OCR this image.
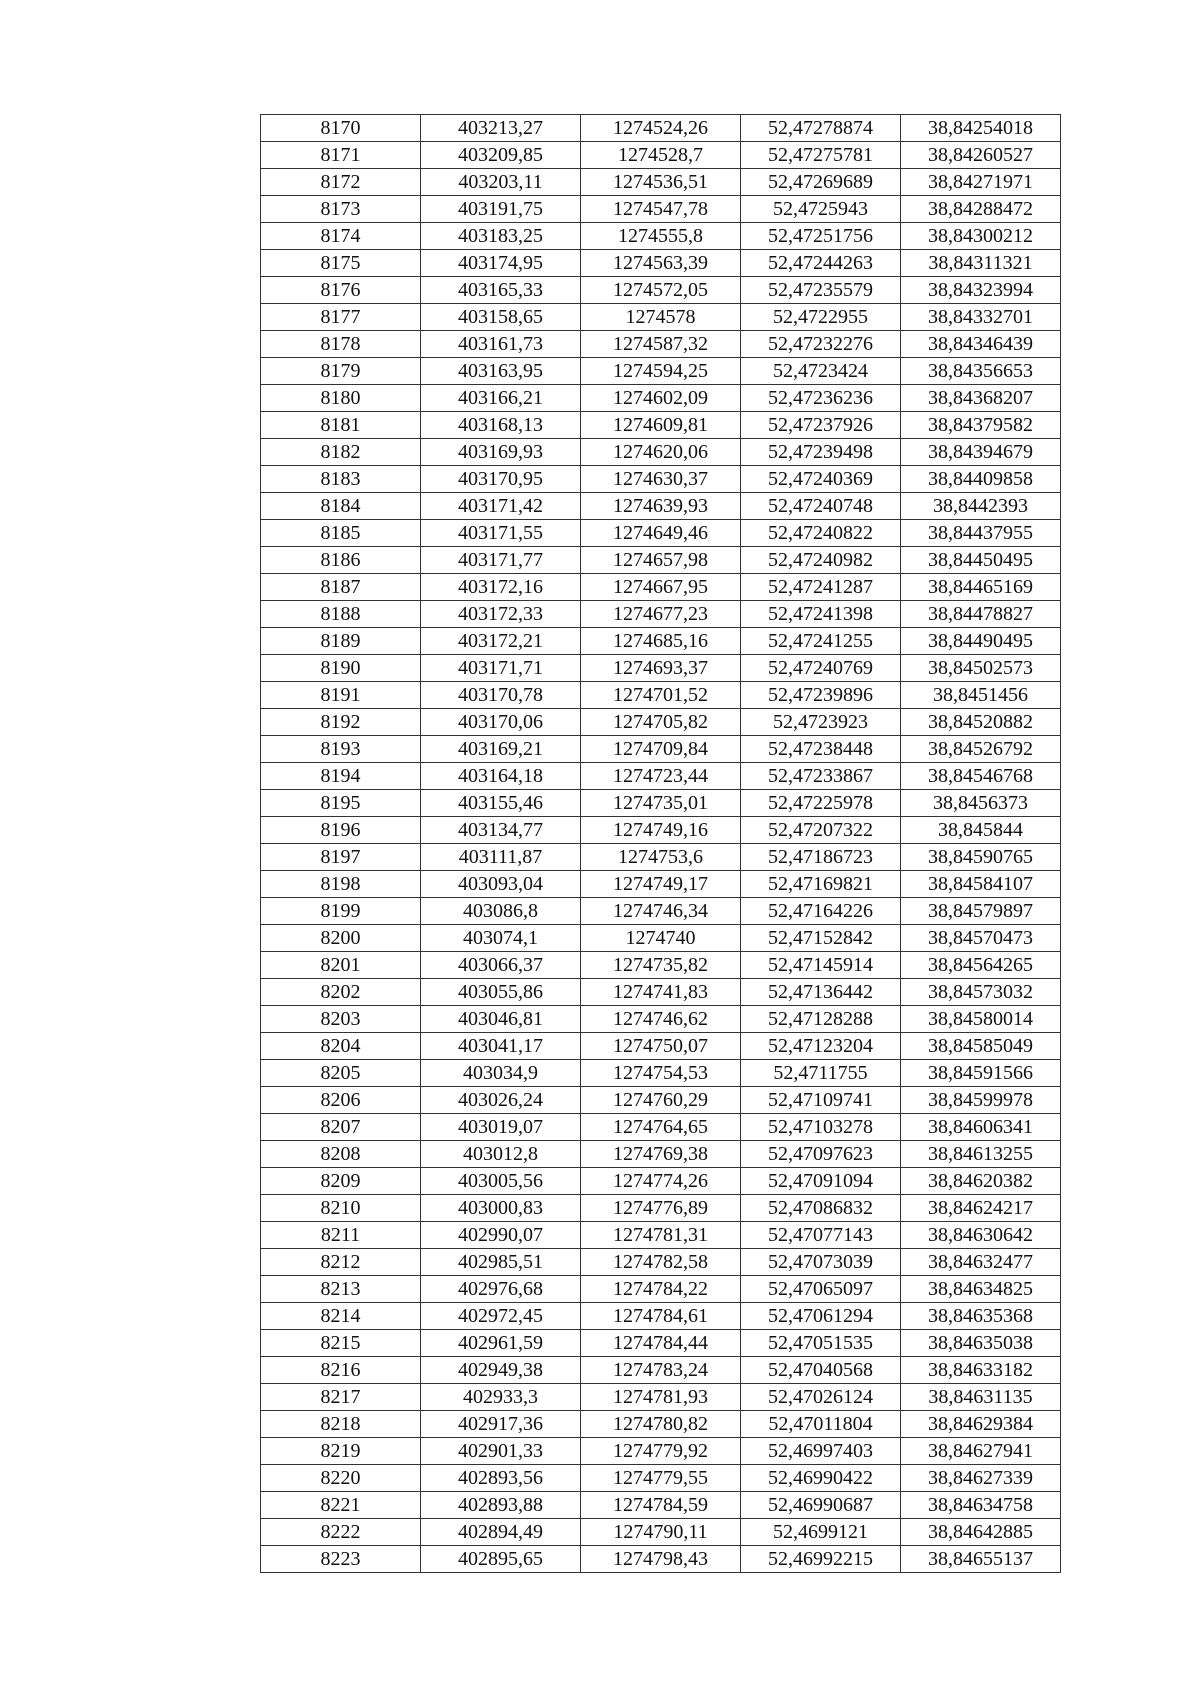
8170	403213,27	1274524,26	52,47278874	38,84254018
8171	403209,85	1274528,7	52,47275781	38,84260527
8172	403203,11	1274536,51	52,47269689	38,84271971
8173	403191,75	1274547,78	52,4725943	38,84288472
8174	403183,25	1274555,8	52,47251756	38,84300212
8175	403174,95	1274563,39	52,47244263	38,84311321
8176	403165,33	1274572,05	52,47235579	38,84323994
8177	403158,65	1274578	52,4722955	38,84332701
8178	403161,73	1274587,32	52,47232276	38,84346439
8179	403163,95	1274594,25	52,4723424	38,84356653
8180	403166,21	1274602,09	52,47236236	38,84368207
8181	403168,13	1274609,81	52,47237926	38,84379582
8182	403169,93	1274620,06	52,47239498	38,84394679
8183	403170,95	1274630,37	52,47240369	38,84409858
8184	403171,42	1274639,93	52,47240748	38,8442393
8185	403171,55	1274649,46	52,47240822	38,84437955
8186	403171,77	1274657,98	52,47240982	38,84450495
8187	403172,16	1274667,95	52,47241287	38,84465169
8188	403172,33	1274677,23	52,47241398	38,84478827
8189	403172,21	1274685,16	52,47241255	38,84490495
8190	403171,71	1274693,37	52,47240769	38,84502573
8191	403170,78	1274701,52	52,47239896	38,8451456
8192	403170,06	1274705,82	52,4723923	38,84520882
8193	403169,21	1274709,84	52,47238448	38,84526792
8194	403164,18	1274723,44	52,47233867	38,84546768
8195	403155,46	1274735,01	52,47225978	38,8456373
8196	403134,77	1274749,16	52,47207322	38,845844
8197	403111,87	1274753,6	52,47186723	38,84590765
8198	403093,04	1274749,17	52,47169821	38,84584107
8199	403086,8	1274746,34	52,47164226	38,84579897
8200	403074,1	1274740	52,47152842	38,84570473
8201	403066,37	1274735,82	52,47145914	38,84564265
8202	403055,86	1274741,83	52,47136442	38,84573032
8203	403046,81	1274746,62	52,47128288	38,84580014
8204	403041,17	1274750,07	52,47123204	38,84585049
8205	403034,9	1274754,53	52,4711755	38,84591566
8206	403026,24	1274760,29	52,47109741	38,84599978
8207	403019,07	1274764,65	52,47103278	38,84606341
8208	403012,8	1274769,38	52,47097623	38,84613255
8209	403005,56	1274774,26	52,47091094	38,84620382
8210	403000,83	1274776,89	52,47086832	38,84624217
8211	402990,07	1274781,31	52,47077143	38,84630642
8212	402985,51	1274782,58	52,47073039	38,84632477
8213	402976,68	1274784,22	52,47065097	38,84634825
8214	402972,45	1274784,61	52,47061294	38,84635368
8215	402961,59	1274784,44	52,47051535	38,84635038
8216	402949,38	1274783,24	52,47040568	38,84633182
8217	402933,3	1274781,93	52,47026124	38,84631135
8218	402917,36	1274780,82	52,47011804	38,84629384
8219	402901,33	1274779,92	52,46997403	38,84627941
8220	402893,56	1274779,55	52,46990422	38,84627339
8221	402893,88	1274784,59	52,46990687	38,84634758
8222	402894,49	1274790,11	52,4699121	38,84642885
8223	402895,65	1274798,43	52,46992215	38,84655137
